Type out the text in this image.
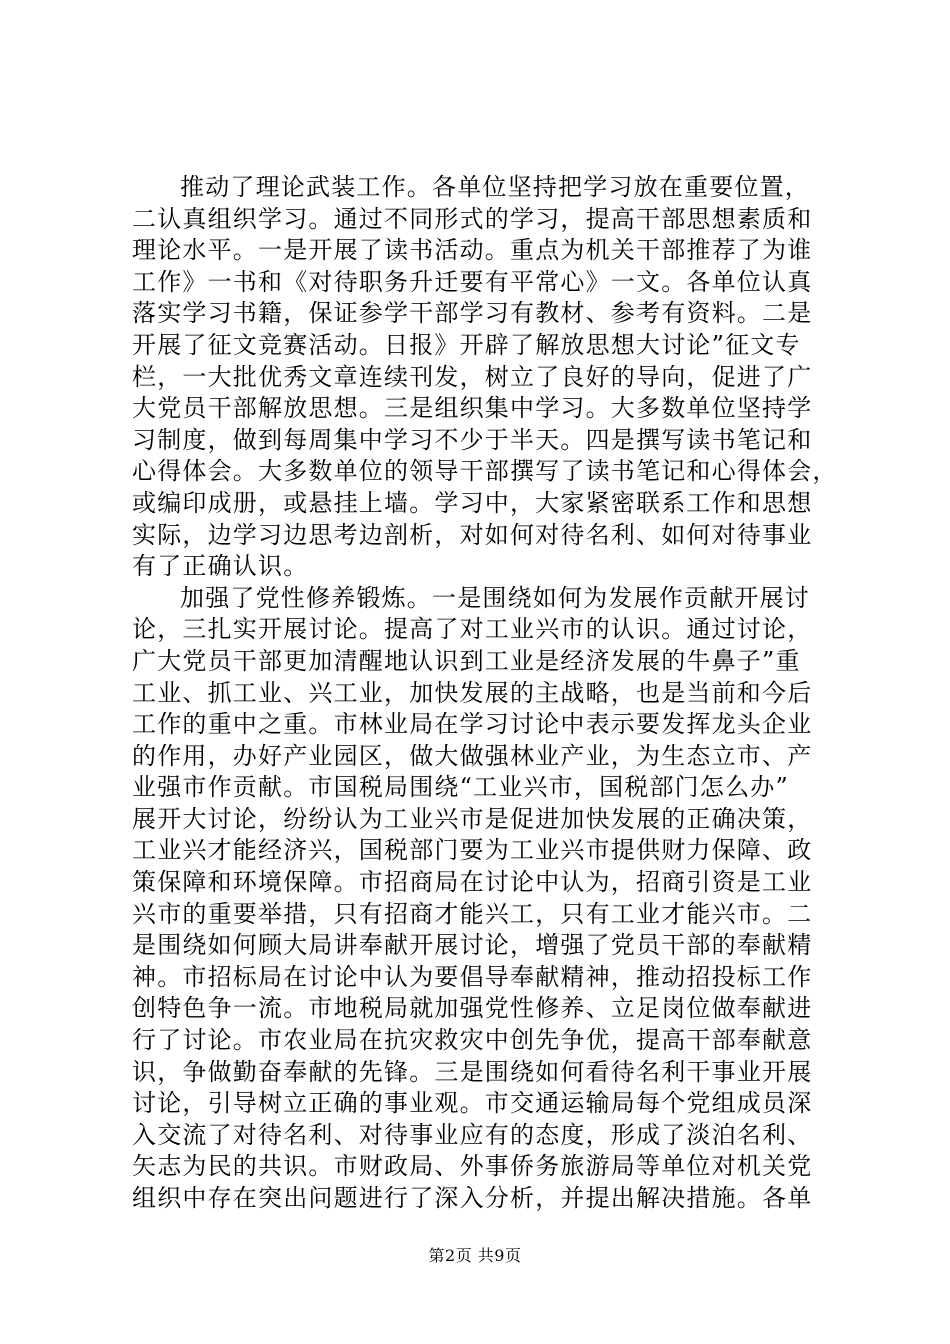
推动了理论武装工作。各单位坚持把学习放在重要位置，
二认真组织学习。通过不同形式的学习，提高干部思想素质和
理论水平。一是开展了读书活动。重点为机关干部推荐了为谁
工作》一书和《对待职务升迁要有平常心》一文。各单位认真
落实学习书籍，保证参学干部学习有教材、参考有资料。二是
开展了征文竞赛活动。日报》开辟了解放思想大讨论”征文专
栏，一大批优秀文章连续刊发，树立了良好的导向，促进了广
大党员干部解放思想。三是组织集中学习。大多数单位坚持学
习制度，做到每周集中学习不少于半天。四是撰写读书笔记和
心得体会。大多数单位的领导干部撰写了读书笔记和心得体会，
或编印成册，或悬挂上墙。学习中，大家紧密联系工作和思想
实际，边学习边思考边剖析，对如何对待名利、如何对待事业
有了正确认识。
加强了党性修养锻炼。一是围绕如何为发展作贡献开展讨
论，三扎实开展讨论。提高了对工业兴市的认识。通过讨论，
广大党员干部更加清醒地认识到工业是经济发展的牛鼻子”重
工业、抓工业、兴工业，加快发展的主战略，也是当前和今后
工作的重中之重。市林业局在学习讨论中表示要发挥龙头企业
的作用，办好产业园区，做大做强林业产业，为生态立市、产
业强市作贡献。市国税局围绕“工业兴市，国税部门怎么办”
展开大讨论，纷纷认为工业兴市是促进加快发展的正确决策，
工业兴才能经济兴，国税部门要为工业兴市提供财力保障、政
策保障和环境保障。市招商局在讨论中认为，招商引资是工业
兴市的重要举措，只有招商才能兴工，只有工业才能兴市。二
是围绕如何顾大局讲奉献开展讨论，增强了党员干部的奉献精
神。市招标局在讨论中认为要倡导奉献精神，推动招投标工作
创特色争一流。市地税局就加强党性修养、立足岗位做奉献进
行了讨论。市农业局在抗灾救灾中创先争优，提高干部奉献意
识，争做勤奋奉献的先锋。三是围绕如何看待名利干事业开展
讨论，引导树立正确的事业观。市交通运输局每个党组成员深
入交流了对待名利、对待事业应有的态度，形成了淡泊名利、
矢志为民的共识。市财政局、外事侨务旅游局等单位对机关党
组织中存在突出问题进行了深入分析，并提出解决措施。各单
第2页 共9页
